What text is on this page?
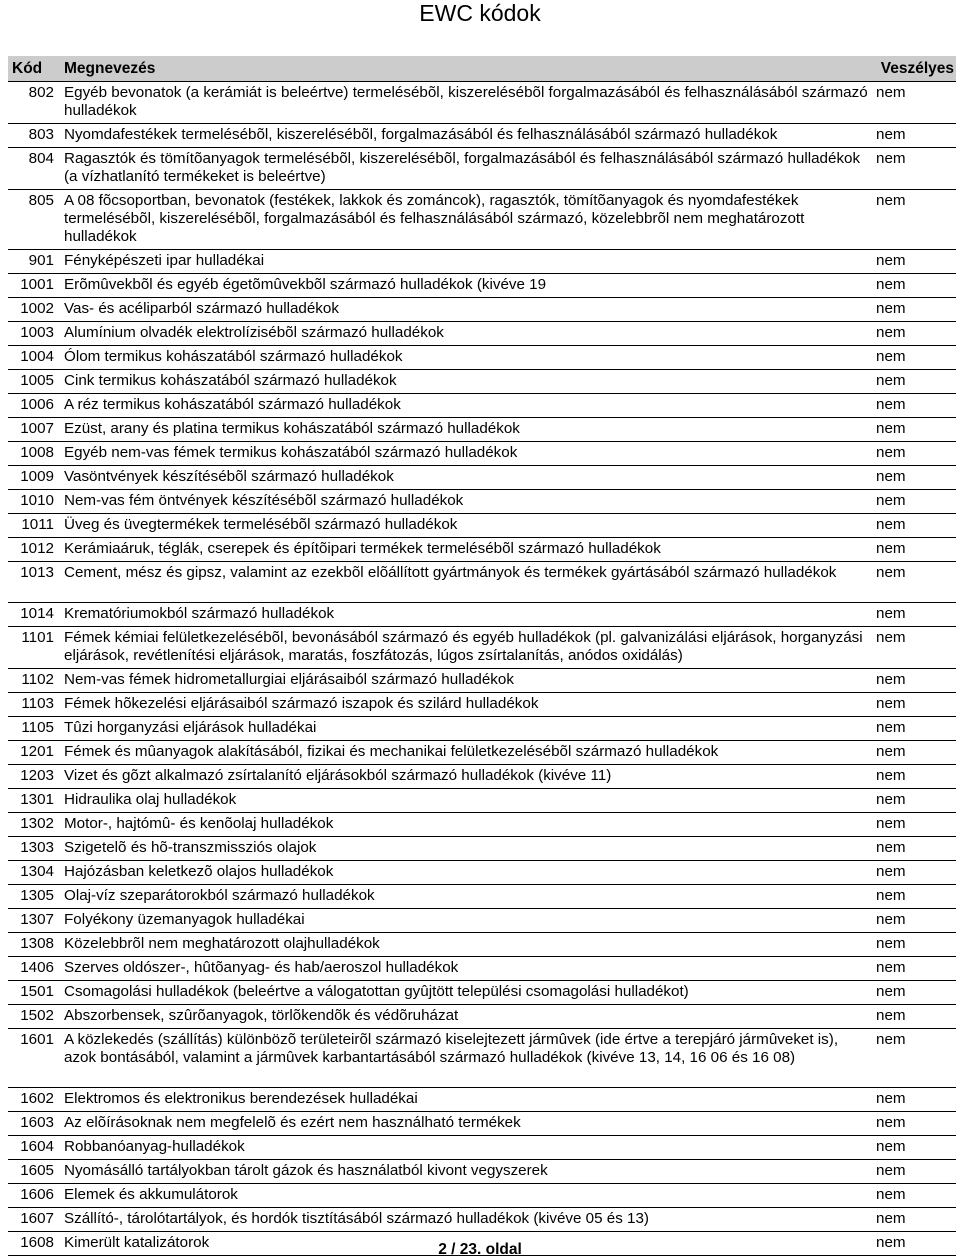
EWC kódok
Kód	Megnevezés	Veszélyes
802	Egyéb bevonatok (a kerámiát is beleértve) termelésébõl, kiszerelésébõl forgalmazásából és felhasználásából származó hulladékok	nem
803	Nyomdafestékek termelésébõl, kiszerelésébõl, forgalmazásából és felhasználásából származó hulladékok	nem
804	Ragasztók és tömítõanyagok termelésébõl, kiszerelésébõl, forgalmazásából és felhasználásából származó hulladékok (a vízhatlanító termékeket is beleértve)	nem
805	A 08 fõcsoportban, bevonatok (festékek, lakkok és zománcok), ragasztók, tömítõanyagok és nyomdafestékek termelésébõl, kiszerelésébõl, forgalmazásából és felhasználásából származó, közelebbrõl nem meghatározott hulladékok	nem
901	Fényképészeti ipar hulladékai	nem
1001	Erõmûvekbõl és egyéb égetõmûvekbõl származó hulladékok (kivéve 19	nem
1002	Vas- és acéliparból származó hulladékok	nem
1003	Alumínium olvadék elektrolízisébõl származó hulladékok	nem
1004	Ólom termikus kohászatából származó hulladékok	nem
1005	Cink termikus kohászatából származó hulladékok	nem
1006	A réz termikus kohászatából származó hulladékok	nem
1007	Ezüst, arany és platina termikus kohászatából származó hulladékok	nem
1008	Egyéb nem-vas fémek termikus kohászatából származó hulladékok	nem
1009	Vasöntvények készítésébõl származó hulladékok	nem
1010	Nem-vas fém öntvények készítésébõl származó hulladékok	nem
1011	Üveg és üvegtermékek termelésébõl származó hulladékok	nem
1012	Kerámiaáruk, téglák, cserepek és építõipari termékek termelésébõl származó hulladékok	nem
1013	Cement, mész és gipsz, valamint az ezekbõl elõállított gyártmányok és termékek gyártásából származó hulladékok	nem
1014	Krematóriumokból származó hulladékok	nem
1101	Fémek kémiai felületkezelésébõl, bevonásából származó és egyéb hulladékok (pl. galvanizálási eljárások, horganyzási eljárások, revétlenítési eljárások, maratás, foszfátozás, lúgos zsírtalanítás, anódos oxidálás)	nem
1102	Nem-vas fémek hidrometallurgiai eljárásaiból származó hulladékok	nem
1103	Fémek hõkezelési eljárásaiból származó iszapok és szilárd hulladékok	nem
1105	Tûzi horganyzási eljárások hulladékai	nem
1201	Fémek és mûanyagok alakításából, fizikai és mechanikai felületkezelésébõl származó hulladékok	nem
1203	Vizet és gõzt alkalmazó zsírtalanító eljárásokból származó hulladékok (kivéve 11)	nem
1301	Hidraulika olaj hulladékok	nem
1302	Motor-, hajtómû- és kenõolaj hulladékok	nem
1303	Szigetelõ és hõ-transzmissziós olajok	nem
1304	Hajózásban keletkezõ olajos hulladékok	nem
1305	Olaj-víz szeparátorokból származó hulladékok	nem
1307	Folyékony üzemanyagok hulladékai	nem
1308	Közelebbrõl nem meghatározott olajhulladékok	nem
1406	Szerves oldószer-, hûtõanyag- és hab/aeroszol hulladékok	nem
1501	Csomagolási hulladékok (beleértve a válogatottan gyûjtött települési csomagolási hulladékot)	nem
1502	Abszorbensek, szûrõanyagok, törlõkendõk és védõruházat	nem
1601	A közlekedés (szállítás) különbözõ területeirõl származó kiselejtezett jármûvek (ide értve a terepjáró jármûveket is), azok bontásából, valamint a jármûvek karbantartásából származó hulladékok (kivéve 13, 14, 16 06 és 16 08)	nem
1602	Elektromos és elektronikus berendezések hulladékai	nem
1603	Az elõírásoknak nem megfelelõ és ezért nem használható termékek	nem
1604	Robbanóanyag-hulladékok	nem
1605	Nyomásálló tartályokban tárolt gázok és használatból kivont vegyszerek	nem
1606	Elemek és akkumulátorok	nem
1607	Szállító-, tárolótartályok, és hordók tisztításából származó hulladékok (kivéve 05 és 13)	nem
1608	Kimerült katalizátorok	nem
2 / 23. oldal
